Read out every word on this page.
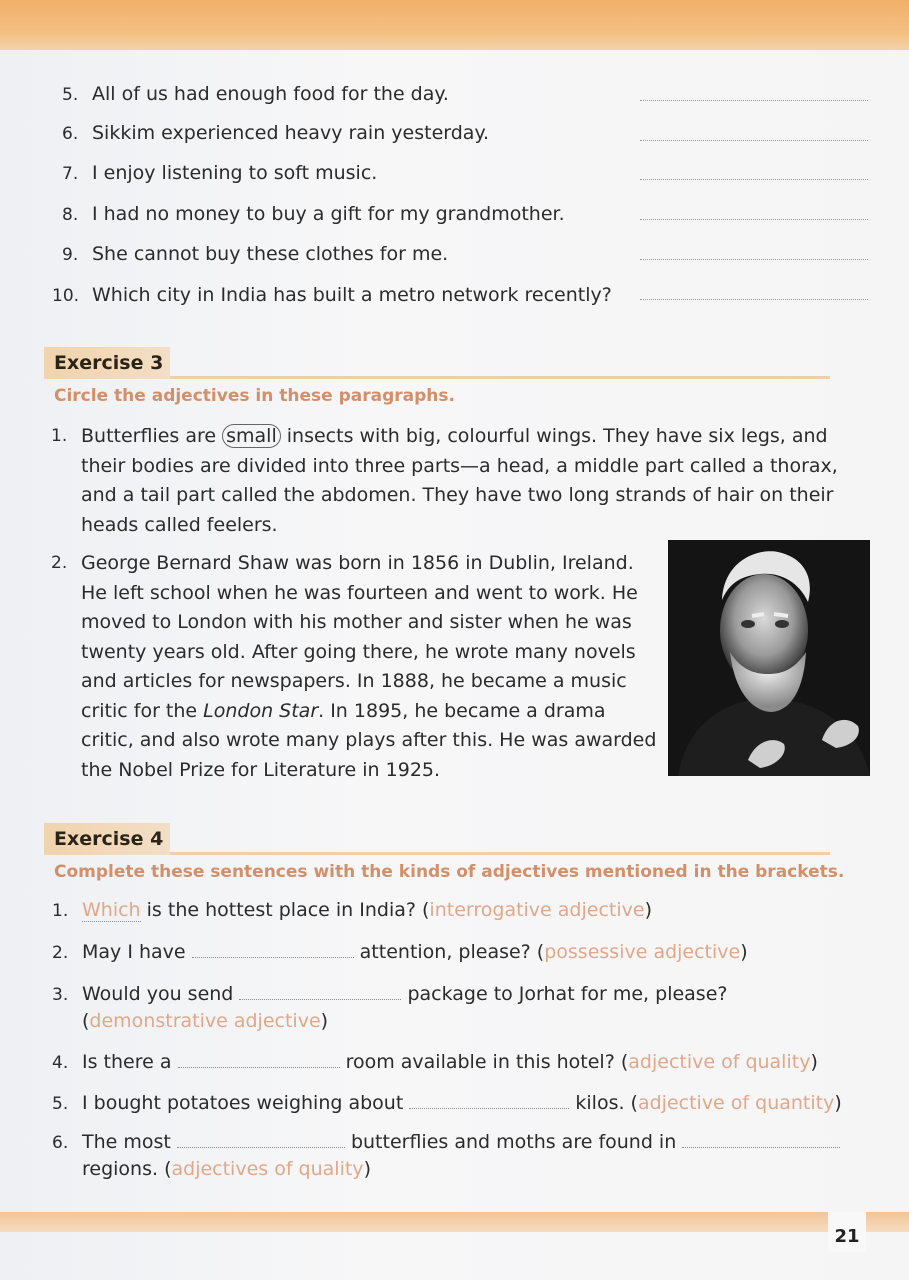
5. All of us had enough food for the day.
6. Sikkim experienced heavy rain yesterday.
7. I enjoy listening to soft music.
8. I had no money to buy a gift for my grandmother.
9. She cannot buy these clothes for me.
10. Which city in India has built a metro network recently?
Exercise 3
Circle the adjectives in these paragraphs.
1. Butterflies are small insects with big, colourful wings. They have six legs, and their bodies are divided into three parts—a head, a middle part called a thorax, and a tail part called the abdomen. They have two long strands of hair on their heads called feelers.
2. George Bernard Shaw was born in 1856 in Dublin, Ireland. He left school when he was fourteen and went to work. He moved to London with his mother and sister when he was twenty years old. After going there, he wrote many novels and articles for newspapers. In 1888, he became a music critic for the London Star. In 1895, he became a drama critic, and also wrote many plays after this. He was awarded the Nobel Prize for Literature in 1925.
Exercise 4
Complete these sentences with the kinds of adjectives mentioned in the brackets.
1. Which is the hottest place in India? (interrogative adjective)
2. May I have	attention, please? (possessive adjective)
3. Would you send	package to Jorhat for me, please?
(demonstrative adjective)
4. Is there a	room available in this hotel? (adjective of quality)
5. I bought potatoes weighing about	kilos. (adjective of quantity)
6. The most	butterflies and moths are found in
regions. (adjectives of quality)
21
